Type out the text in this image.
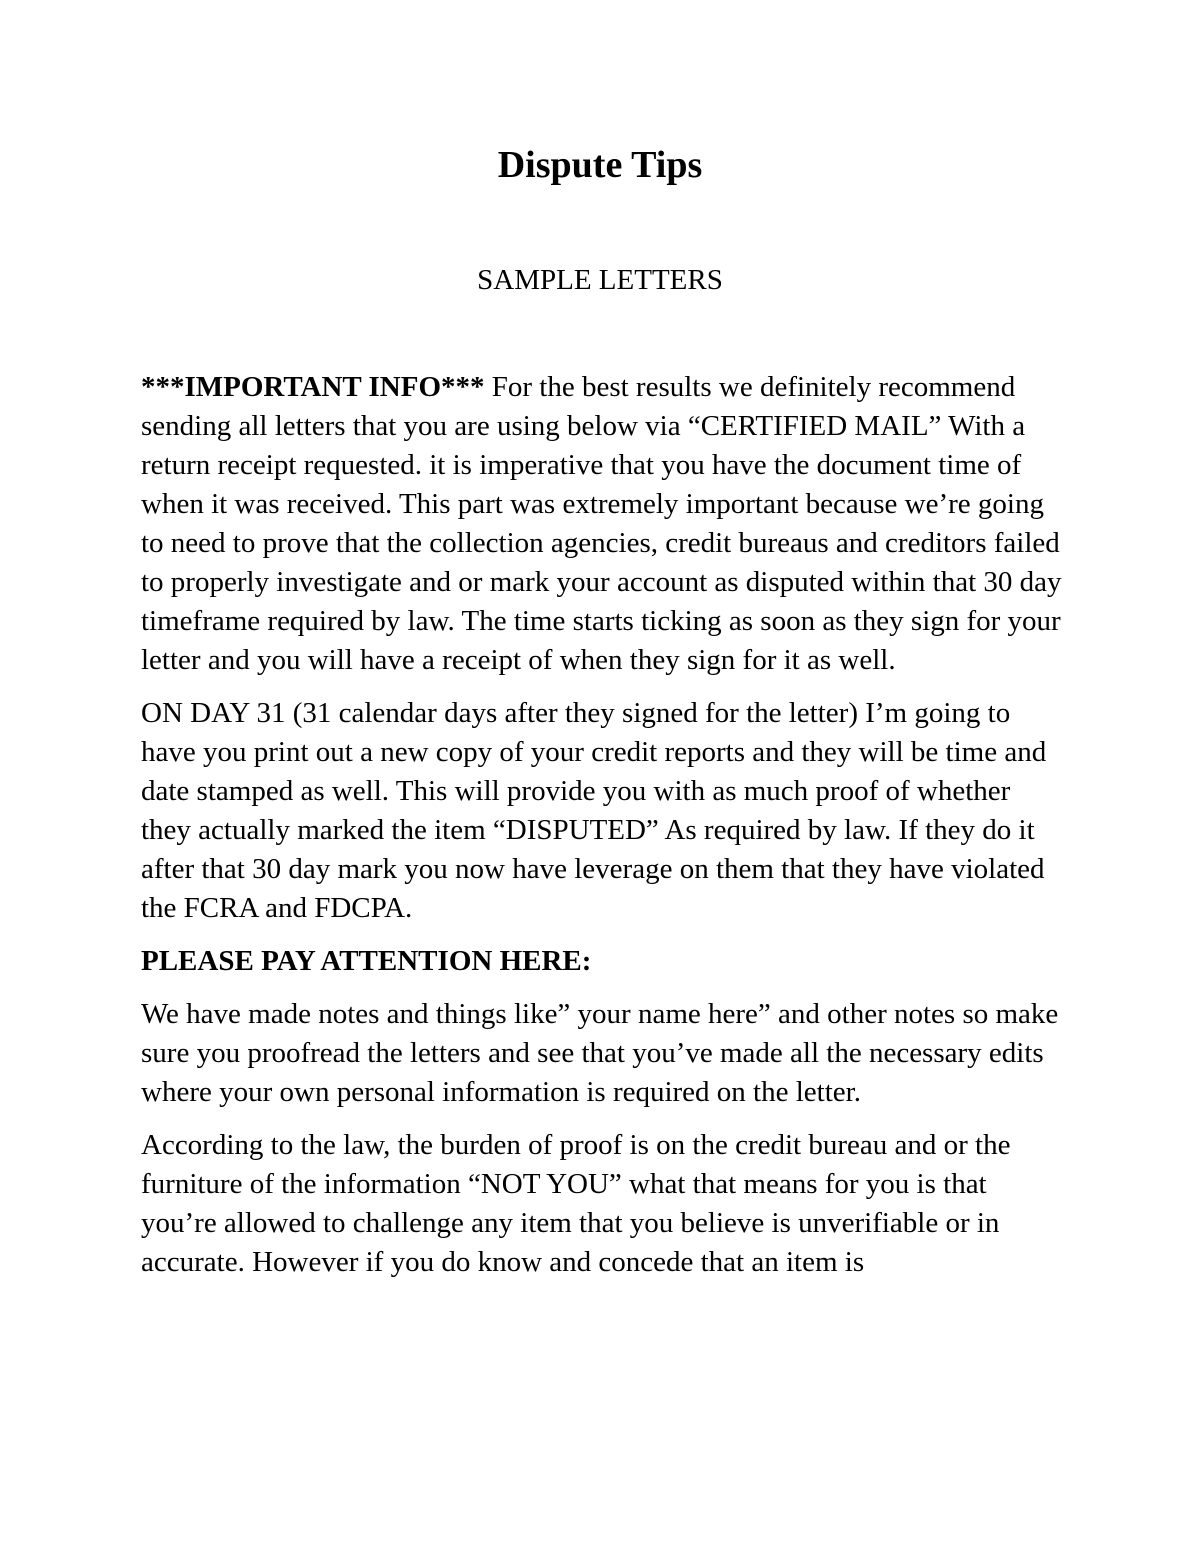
Dispute Tips
SAMPLE LETTERS

***IMPORTANT INFO*** For the best results we definitely recommend sending all letters that you are using below via “CERTIFIED MAIL” With a return receipt requested. it is imperative that you have the document time of when it was received. This part was extremely important because we’re going to need to prove that the collection agencies, credit bureaus and creditors failed to properly investigate and or mark your account as disputed within that 30 day timeframe required by law. The time starts ticking as soon as they sign for your letter and you will have a receipt of when they sign for it as well.

ON DAY 31 (31 calendar days after they signed for the letter) I’m going to have you print out a new copy of your credit reports and they will be time and date stamped as well. This will provide you with as much proof of whether they actually marked the item “DISPUTED” As required by law. If they do it after that 30 day mark you now have leverage on them that they have violated the FCRA and FDCPA.

PLEASE PAY ATTENTION HERE:

We have made notes and things like” your name here” and other notes so make sure you proofread the letters and see that you’ve made all the necessary edits where your own personal information is required on the letter.

According to the law, the burden of proof is on the credit bureau and or the furniture of the information “NOT YOU” what that means for you is that you’re allowed to challenge any item that you believe is unverifiable or in accurate. However if you do know and concede that an item is
